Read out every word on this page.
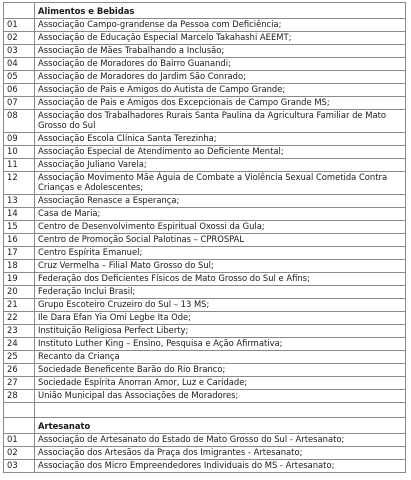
	Alimentos e Bebidas
01	Associação Campo-grandense da Pessoa com Deficiência;
02	Associação de Educação Especial Marcelo Takahashi AEEMT;
03	Associação de Mães Trabalhando a Inclusão;
04	Associação de Moradores do Bairro Guanandi;
05	Associação de Moradores do Jardim São Conrado;
06	Associação de Pais e Amigos do Autista de Campo Grande;
07	Associação de Pais e Amigos dos Excepcionais de Campo Grande MS;
08	Associação dos Trabalhadores Rurais Santa Paulina da Agricultura Familiar de Mato Grosso do Sul
09	Associação Escola Clínica Santa Terezinha;
10	Associação Especial de Atendimento ao Deficiente Mental;
11	Associação Juliano Varela;
12	Associação Movimento Mãe Águia de Combate a Violência Sexual Cometida Contra Crianças e Adolescentes;
13	Associação Renasce a Esperança;
14	Casa de Maria;
15	Centro de Desenvolvimento Espiritual Oxossi da Gula;
16	Centro de Promoção Social Palotinas – CPROSPAL
17	Centro Espírita Emanuel;
18	Cruz Vermelha – Filial Mato Grosso do Sul;
19	Federação dos Deficientes Físicos de Mato Grosso do Sul e Afins;
20	Federação Inclui Brasil;
21	Grupo Escoteiro Cruzeiro do Sul – 13 MS;
22	Ile Dara Efan Yia Omi Legbe Ita Ode;
23	Instituição Religiosa Perfect Liberty;
24	Instituto Luther King – Ensino, Pesquisa e Ação Afirmativa;
25	Recanto da Criança
26	Sociedade Beneficente Barão do Rio Branco;
27	Sociedade Espírita Anorran Amor, Luz e Caridade;
28	União Municipal das Associações de Moradores;

	Artesanato
01	Associação de Artesanato do Estado de Mato Grosso do Sul - Artesanato;
02	Associação dos Artesãos da Praça dos Imigrantes - Artesanato;
03	Associação dos Micro Empreendedores Individuais do MS - Artesanato;
